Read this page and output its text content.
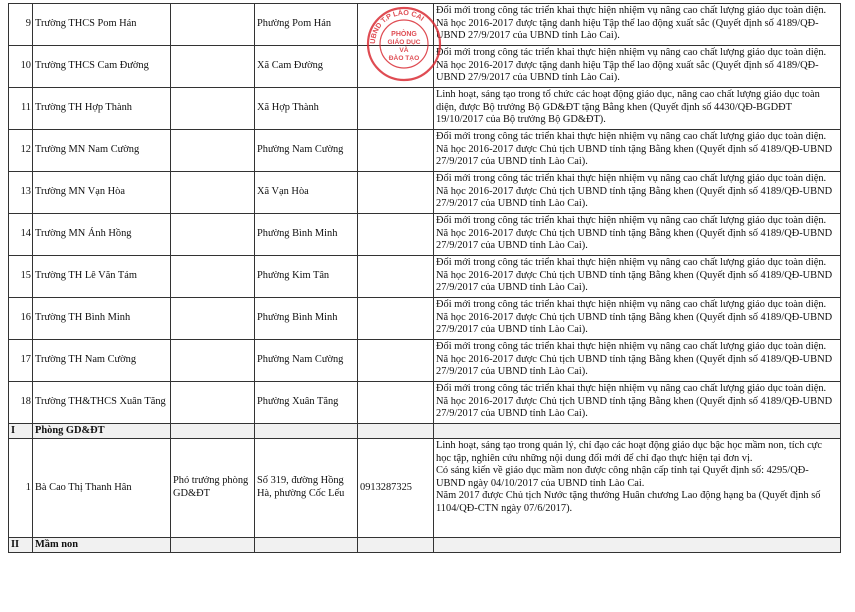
9	Trường THCS Pom Hán		Phường Pom Hán		Đổi mới trong công tác triển khai thực hiện nhiệm vụ nâng cao chất lượng giáo dục toàn diện. Nă học 2016-2017 được tặng danh hiệu Tập thể lao động xuất sắc (Quyết định số 4189/QĐ-UBND 27/9/2017 của UBND tỉnh Lào Cai).
10	Trường THCS Cam Đường		Xã Cam Đường		Đổi mới trong công tác triển khai thực hiện nhiệm vụ nâng cao chất lượng giáo dục toàn diện. Nă học 2016-2017 được tặng danh hiệu Tập thể lao động xuất sắc (Quyết định số 4189/QĐ-UBND 27/9/2017 của UBND tỉnh Lào Cai).
11	Trường TH Hợp Thành		Xã Hợp Thành		Linh hoạt, sáng tạo trong tổ chức các hoạt động giáo dục, nâng cao chất lượng giáo dục toàn diện, được Bộ trưởng Bộ GD&ĐT tặng Bằng khen (Quyết định số 4430/QĐ-BGDĐT 19/10/2017 của Bộ trưởng Bộ GD&ĐT).
12	Trường MN Nam Cường		Phường Nam Cường		Đổi mới trong công tác triển khai thực hiện nhiệm vụ nâng cao chất lượng giáo dục toàn diện. Nă học 2016-2017 được Chủ tịch UBND tỉnh tặng Bằng khen (Quyết định số 4189/QĐ-UBND 27/9/2017 của UBND tỉnh Lào Cai).
13	Trường MN Vạn Hòa		Xã Vạn Hòa		Đổi mới trong công tác triển khai thực hiện nhiệm vụ nâng cao chất lượng giáo dục toàn diện. Nă học 2016-2017 được Chủ tịch UBND tỉnh tặng Bằng khen (Quyết định số 4189/QĐ-UBND 27/9/2017 của UBND tỉnh Lào Cai).
14	Trường MN Ánh Hồng		Phường Bình Minh		Đổi mới trong công tác triển khai thực hiện nhiệm vụ nâng cao chất lượng giáo dục toàn diện. Nă học 2016-2017 được Chủ tịch UBND tỉnh tặng Bằng khen (Quyết định số 4189/QĐ-UBND 27/9/2017 của UBND tỉnh Lào Cai).
15	Trường TH Lê Văn Tám		Phường Kim Tân		Đổi mới trong công tác triển khai thực hiện nhiệm vụ nâng cao chất lượng giáo dục toàn diện. Nă học 2016-2017 được Chủ tịch UBND tỉnh tặng Bằng khen (Quyết định số 4189/QĐ-UBND 27/9/2017 của UBND tỉnh Lào Cai).
16	Trường TH Bình Minh		Phường Bình Minh		Đổi mới trong công tác triển khai thực hiện nhiệm vụ nâng cao chất lượng giáo dục toàn diện. Nă học 2016-2017 được Chủ tịch UBND tỉnh tặng Bằng khen (Quyết định số 4189/QĐ-UBND 27/9/2017 của UBND tỉnh Lào Cai).
17	Trường TH Nam Cường		Phường Nam Cường		Đổi mới trong công tác triển khai thực hiện nhiệm vụ nâng cao chất lượng giáo dục toàn diện. Nă học 2016-2017 được Chủ tịch UBND tỉnh tặng Bằng khen (Quyết định số 4189/QĐ-UBND 27/9/2017 của UBND tỉnh Lào Cai).
18	Trường TH&THCS Xuân Tăng		Phường Xuân Tăng		Đổi mới trong công tác triển khai thực hiện nhiệm vụ nâng cao chất lượng giáo dục toàn diện. Nă học 2016-2017 được Chủ tịch UBND tỉnh tặng Bằng khen (Quyết định số 4189/QĐ-UBND 27/9/2017 của UBND tỉnh Lào Cai).
I	Phòng GD&ĐT				
1	Bà Cao Thị Thanh Hân	Phó trưởng phòng GD&ĐT	Số 319, đường Hồng Hà, phường Cốc Lếu	0913287325	Linh hoạt, sáng tạo trong quản lý, chỉ đạo các hoạt động giáo dục bậc học mầm non, tích cực học tập, nghiên cứu những nội dung đổi mới để chỉ đạo thực hiện tại đơn vị.
Có sáng kiến về giáo dục mầm non được công nhận cấp tỉnh tại Quyết định số: 4295/QĐ-UBND ngày 04/10/2017 của UBND tỉnh Lào Cai.
Năm 2017 được Chủ tịch Nước tặng thưởng Huân chương Lao động hạng ba (Quyết định số 1104/QĐ-CTN ngày 07/6/2017).

II	Mầm non				
UBND T.P LÀO CAI
PHÒNG
GIÁO DỤC
VÀ
ĐÀO TẠO
